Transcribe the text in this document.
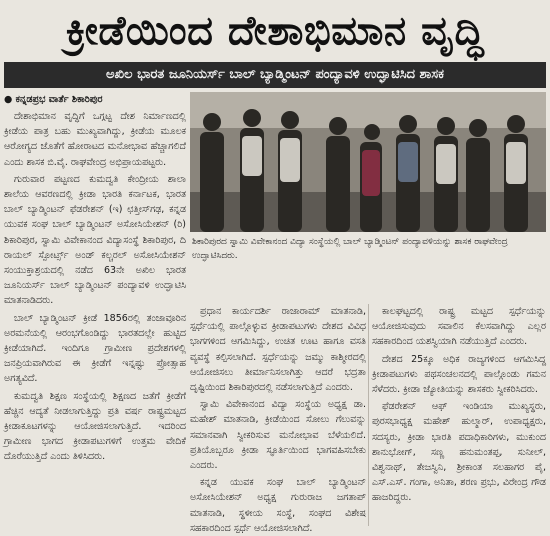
ಕ್ರೀಡೆಯಿಂದ ದೇಶಾಭಿಮಾನ ವೃದ್ಧಿ
ಅಖಿಲ ಭಾರತ ಜೂನಿಯರ್ಸ್ ಬಾಲ್ ಬ್ಯಾಡ್ಮಿಂಟನ್ ಪಂದ್ಯಾವಳಿ ಉದ್ಘಾಟಿಸಿದ ಶಾಸಕ
● ಕನ್ನಡಪ್ರಭ ವಾರ್ತೆ ಶಿಕಾರಿಪುರ

ದೇಶಾಭಿಮಾನ ವೃದ್ಧಿಗೆ ಒಗ್ಗಟ್ಟ ದೇಶ ನಿರ್ಮಾಣದಲ್ಲಿ ಕ್ರೀಡೆಯ ಪಾತ್ರ ಬಹು ಮುಖ್ಯವಾಗಿದ್ದು, ಕ್ರೀಡೆಯ ಮೂಲಕ ಆರೋಗ್ಯದ ಜೊತೆಗೆ ಹೋರಾಟದ ಮನೋಭಾವ ಹೆಚ್ಚಾಗಲಿದೆ ಎಂದು ಶಾಸಕ ಬಿ.ವೈ. ರಾಘವೇಂದ್ರ ಅಭಿಪ್ರಾಯಪಟ್ಟರು.

ಗುರುವಾರ ಪಟ್ಟಣದ ಕುಮದ್ವತಿ ಕೇಂದ್ರೀಯ ಶಾಲಾ ಶಾಲೆಯ ಆವರಣದಲ್ಲಿ ಕ್ರೀಡಾ ಭಾರತಿ ಕರ್ನಾಟಕ, ಭಾರತ ಬಾಲ್ ಬ್ಯಾಡ್ಮಿಂಟನ್ ಫೆಡರೇಶನ್ (ಇ) ಛತ್ತೀಸ್‌ಗಢ, ಕನ್ನಡ ಯುವಕ ಸಂಘ ಬಾಲ್ ಬ್ಯಾಡ್ಮಿಂಟನ್ ಅಸೋಸಿಯೇಶನ್ (ರಿ) ಶಿಕಾರಿಪುರ, ಸ್ವಾಮಿ ವಿವೇಕಾನಂದ ವಿದ್ಯಾಸಂಸ್ಥೆ ಶಿಕಾರಿಪುರ, ದಿ ರಾಯಲ್ ಸ್ಪೋರ್ಟ್ಸ್ ಅಂಡ್ ಕಲ್ಚರಲ್ ಅಸೋಸಿಯೇಶನ್ ಸಂಯುಕ್ತಾಶ್ರಯದಲ್ಲಿ ನಡೆದ 63ನೇ ಅಖಿಲ ಭಾರತ ಜೂನಿಯರ್ಸ್ ಬಾಲ್ ಬ್ಯಾಡ್ಮಿಂಟನ್ ಪಂದ್ಯಾವಳಿ ಉದ್ಘಾಟಿಸಿ ಮಾತನಾಡಿದರು.

ಬಾಲ್ ಬ್ಯಾಡ್ಮಿಂಟನ್ ಕ್ರೀಡೆ 1856ರಲ್ಲಿ ತಂಜಾವೂರಿನ ಅರಮನೆಯಲ್ಲಿ ಆರಂಭಗೊಂಡಿದ್ದು ಭಾರತದಲ್ಲೇ ಹುಟ್ಟಿದ ಕ್ರೀಡೆಯಾಗಿದೆ. ಇಂದಿಗೂ ಗ್ರಾಮೀಣ ಪ್ರದೇಶಗಳಲ್ಲಿ ಜನಪ್ರಿಯವಾಗಿರುವ ಈ ಕ್ರೀಡೆಗೆ ಇನ್ನಷ್ಟು ಪ್ರೋತ್ಸಾಹ ಅಗತ್ಯವಿದೆ.

ಕುಮದ್ವತಿ ಶಿಕ್ಷಣ ಸಂಸ್ಥೆಯಲ್ಲಿ ಶಿಕ್ಷಣದ ಜತೆಗೆ ಕ್ರೀಡೆಗೆ ಹೆಚ್ಚಿನ ಆದ್ಯತೆ ನೀಡಲಾಗುತ್ತಿದ್ದು ಪ್ರತಿ ವರ್ಷ ರಾಷ್ಟ್ರಮಟ್ಟದ ಕ್ರೀಡಾಕೂಟಗಳನ್ನು ಆಯೋಜಿಸಲಾಗುತ್ತಿದೆ. ಇದರಿಂದ ಗ್ರಾಮೀಣ ಭಾಗದ ಕ್ರೀಡಾಪಟುಗಳಿಗೆ ಉತ್ತಮ ವೇದಿಕೆ ದೊರೆಯುತ್ತಿದೆ ಎಂದು ತಿಳಿಸಿದರು.

ಶಿಕಾರಿಪುರದ ಸ್ವಾಮಿ ವಿವೇಕಾನಂದ ವಿದ್ಯಾ ಸಂಸ್ಥೆಯಲ್ಲಿ ಬಾಲ್ ಬ್ಯಾಡ್ಮಿಂಟನ್ ಪಂದ್ಯಾವಳಿಯನ್ನು ಶಾಸಕ ರಾಘವೇಂದ್ರ ಉದ್ಘಾಟಿಸಿದರು.

ಪ್ರಧಾನ ಕಾರ್ಯದರ್ಶಿ ರಾಜಾರಾಮ್ ಮಾತನಾಡಿ, ಸ್ಪರ್ಧೆಯಲ್ಲಿ ಪಾಲ್ಗೊಳ್ಳುವ ಕ್ರೀಡಾಪಟುಗಳು ದೇಶದ ವಿವಿಧ ಭಾಗಗಳಿಂದ ಆಗಮಿಸಿದ್ದು, ಉಚಿತ ಊಟ ಹಾಗೂ ವಸತಿ ವ್ಯವಸ್ಥೆ ಕಲ್ಪಿಸಲಾಗಿದೆ. ಸ್ಪರ್ಧೆಯನ್ನು ಜಮ್ಮು ಕಾಶ್ಮೀರದಲ್ಲಿ ಆಯೋಜಿಸಲು ತೀರ್ಮಾನಿಸಲಾಗಿತ್ತು ಆದರೆ ಭದ್ರತಾ ದೃಷ್ಟಿಯಿಂದ ಶಿಕಾರಿಪುರದಲ್ಲಿ ನಡೆಸಲಾಗುತ್ತಿದೆ ಎಂದರು.

ಸ್ವಾಮಿ ವಿವೇಕಾನಂದ ವಿದ್ಯಾ ಸಂಸ್ಥೆಯ ಅಧ್ಯಕ್ಷ ಡಾ. ಮಹೇಶ್ ಮಾತನಾಡಿ, ಕ್ರೀಡೆಯಿಂದ ಸೋಲು ಗೆಲುವನ್ನು ಸಮಾನವಾಗಿ ಸ್ವೀಕರಿಸುವ ಮನೋಭಾವ ಬೆಳೆಯಲಿದೆ. ಪ್ರತಿಯೊಬ್ಬರೂ ಕ್ರೀಡಾ ಸ್ಫೂರ್ತಿಯಿಂದ ಭಾಗವಹಿಸಬೇಕು ಎಂದರು.

ಕನ್ನಡ ಯುವಕ ಸಂಘ ಬಾಲ್ ಬ್ಯಾಡ್ಮಿಂಟನ್ ಅಸೋಸಿಯೇಶನ್ ಅಧ್ಯಕ್ಷ ಗುರುರಾಜ ಜಗತಾಪ್ ಮಾತನಾಡಿ, ಸ್ಥಳೀಯ ಸಂಸ್ಥೆ, ಸಂಘದ ವಿಶೇಷ ಸಹಕಾರದಿಂದ ಸ್ಪರ್ಧೆ ಆಯೋಜಿಸಲಾಗಿದೆ.

ಕಾಲಘಟ್ಟದಲ್ಲಿ ರಾಷ್ಟ್ರ ಮಟ್ಟದ ಸ್ಪರ್ಧೆಯನ್ನು ಆಯೋಜಿಸುವುದು ಸವಾಲಿನ ಕೆಲಸವಾಗಿದ್ದು ಎಲ್ಲರ ಸಹಕಾರದಿಂದ ಯಶಸ್ವಿಯಾಗಿ ನಡೆಯುತ್ತಿದೆ ಎಂದರು.

ದೇಶದ 25ಕ್ಕೂ ಅಧಿಕ ರಾಜ್ಯಗಳಿಂದ ಆಗಮಿಸಿದ್ದ ಕ್ರೀಡಾಪಟುಗಳು ಪಥಸಂಚಲನದಲ್ಲಿ ಪಾಲ್ಗೊಂಡು ಗಮನ ಸೆಳೆದರು. ಕ್ರೀಡಾ ಜ್ಯೋತಿಯನ್ನು ಶಾಸಕರು ಸ್ವೀಕರಿಸಿದರು.

ಫೆಡರೇಶನ್ ಆಫ್ ಇಂಡಿಯಾ ಮುಖ್ಯಸ್ಥರು, ಪುರಸಭಾಧ್ಯಕ್ಷ ಮಹೇಶ್ ಹುಲ್ಮಾರ್, ಉಪಾಧ್ಯಕ್ಷರು, ಸದಸ್ಯರು, ಕ್ರೀಡಾ ಭಾರತಿ ಪದಾಧಿಕಾರಿಗಳು, ಮುಕುಂದ ಶಾನುಭೋಗ್, ಸಣ್ಣ ಹನುಮಂತಪ್ಪ, ಸುನೀಲ್, ವಿಶ್ವನಾಥ್, ತೇಜಸ್ವಿನಿ, ಶ್ರೀಕಾಂತ ಸಲಹಾಗರ ಪೈ, ಎಸ್.ಎಸ್. ಗಂಗಾ, ಅನಿತಾ, ಶರಣ ಪ್ರಭು, ವಿರೇಂದ್ರ ಗೌಡ ಹಾಜರಿದ್ದರು.
